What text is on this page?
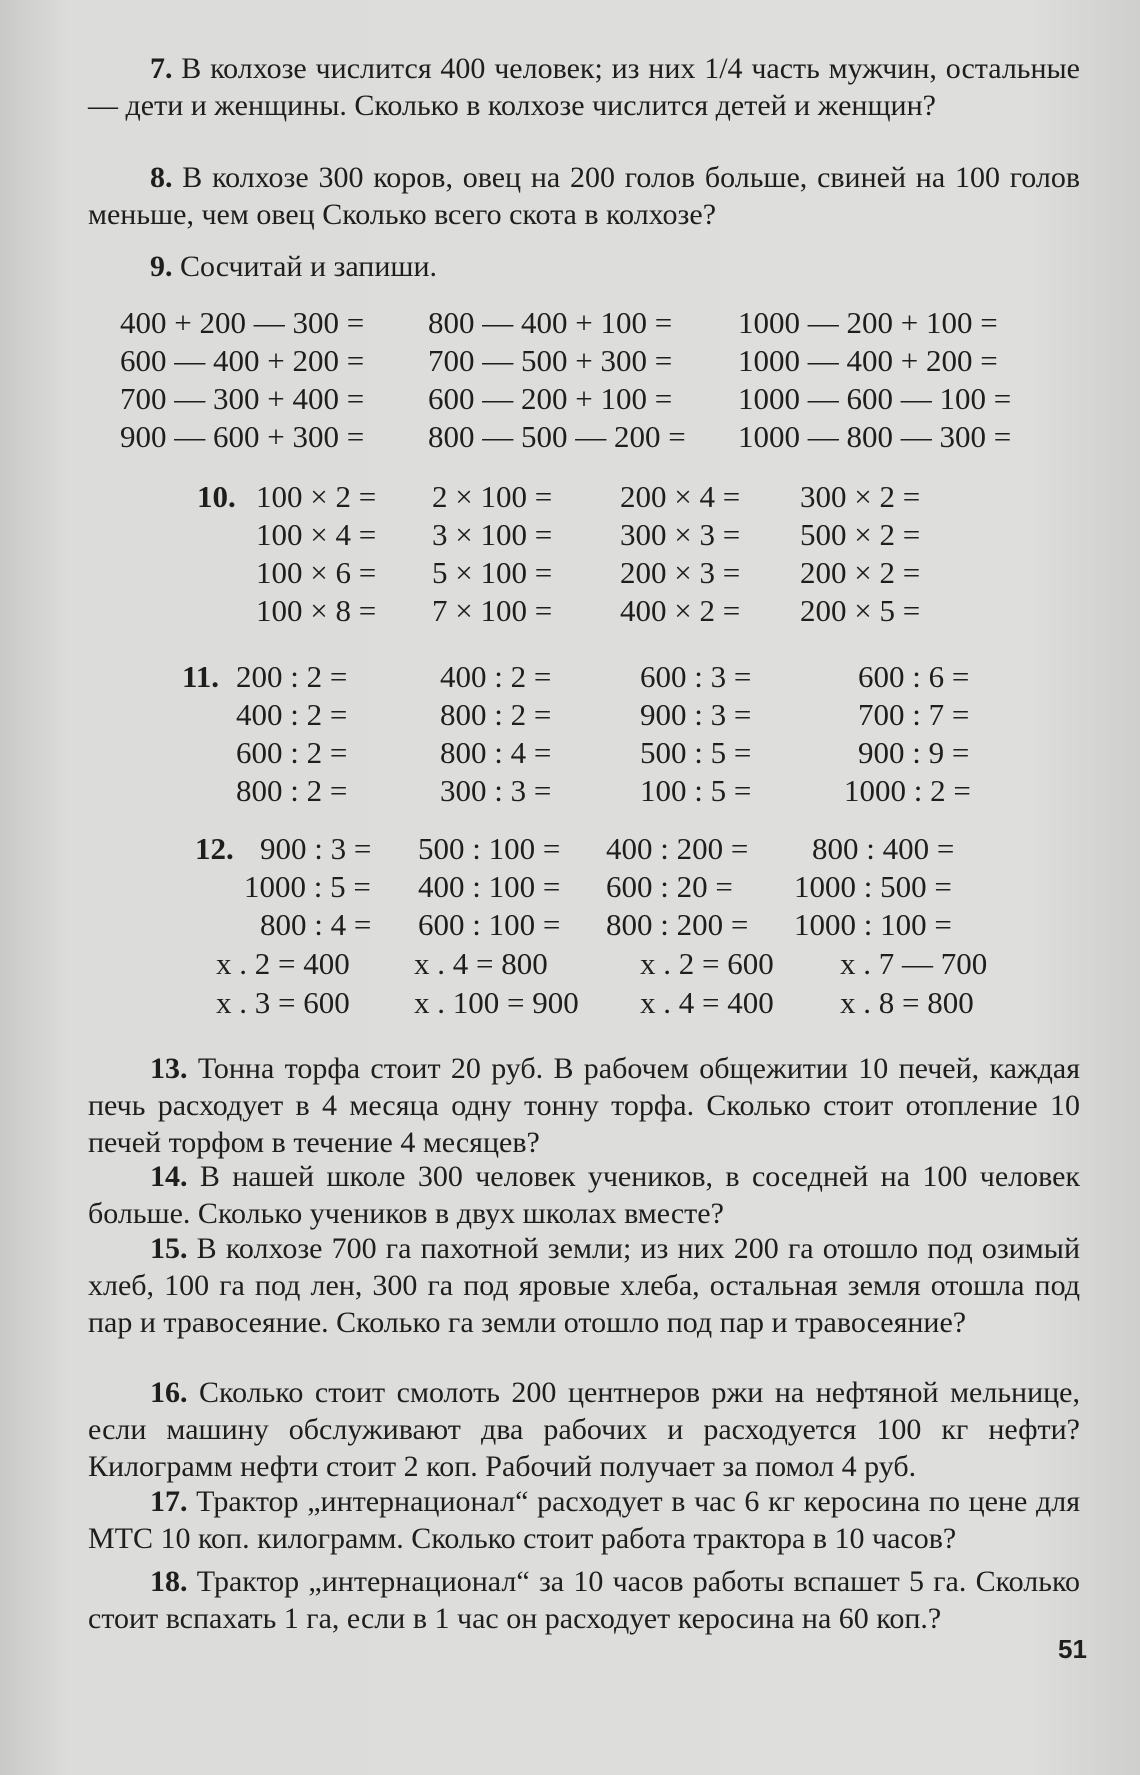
7. В колхозе числится 400 человек; из них 1/4 часть мужчин, остальные — дети и женщины. Сколько в колхозе числится детей и женщин?

8. В колхозе 300 коров, овец на 200 голов больше, свиней на 100 голов меньше, чем овец Сколько всего скота в колхозе?

9. Сосчитай и запиши.

400 + 200 — 300 = 800 — 400 + 100 = 1000 — 200 + 100 =
600 — 400 + 200 = 700 — 500 + 300 = 1000 — 400 + 200 =
700 — 300 + 400 = 600 — 200 + 100 = 1000 — 600 — 100 =
900 — 600 + 300 = 800 — 500 — 200 = 1000 — 800 — 300 =
10. 100 × 2 = 2 × 100 = 200 × 4 = 300 × 2 =
100 × 4 = 3 × 100 = 300 × 3 = 500 × 2 =
100 × 6 = 5 × 100 = 200 × 3 = 200 × 2 =
100 × 8 = 7 × 100 = 400 × 2 = 200 × 5 =
11. 200 : 2 =	400 : 2 =	600 : 3 =	600 : 6 =
400 : 2 =	800 : 2 =	900 : 3 =	700 : 7 =
600 : 2 =	800 : 4 =	500 : 5 =	900 : 9 =
800 : 2 =	300 : 3 =	100 : 5 =	1000 : 2 =
12. 900 : 3 = 500 : 100 = 400 : 200 = 800 : 400 =
1000 : 5 = 400 : 100 = 600 : 20 = 1000 : 500 =
800 : 4 = 600 : 100 = 800 : 200 = 1000 : 100 =
x . 2 = 400 x . 4 = 800	x . 2 = 600 x . 7 — 700
x . 3 = 600 x . 100 = 900 x . 4 = 400 x . 8 = 800

13. Тонна торфа стоит 20 руб. В рабочем общежитии 10 печей, каждая печь расходует в 4 месяца одну тонну торфа. Сколько стоит отопление 10 печей торфом в течение 4 месяцев?

14. В нашей школе 300 человек учеников, в соседней на 100 человек больше. Сколько учеников в двух школах вместе?

15. В колхозе 700 га пахотной земли; из них 200 га отошло под озимый хлеб, 100 га под лен, 300 га под яровые хлеба, остальная земля отошла под пар и травосеяние. Сколько га земли отошло под пар и травосеяние?

16. Сколько стоит смолоть 200 центнеров ржи на нефтяной мельнице, если машину обслуживают два рабочих и расходуется 100 кг нефти? Килограмм нефти стоит 2 коп. Рабочий получает за помол 4 руб.

17. Трактор „интернационал“ расходует в час 6 кг керосина по цене для МТС 10 коп. килограмм. Сколько стоит работа трактора в 10 часов?

18. Трактор „интернационал“ за 10 часов работы вспашет 5 га. Сколько стоит вспахать 1 га, если в 1 час он расходует керосина на 60 коп.?

51
